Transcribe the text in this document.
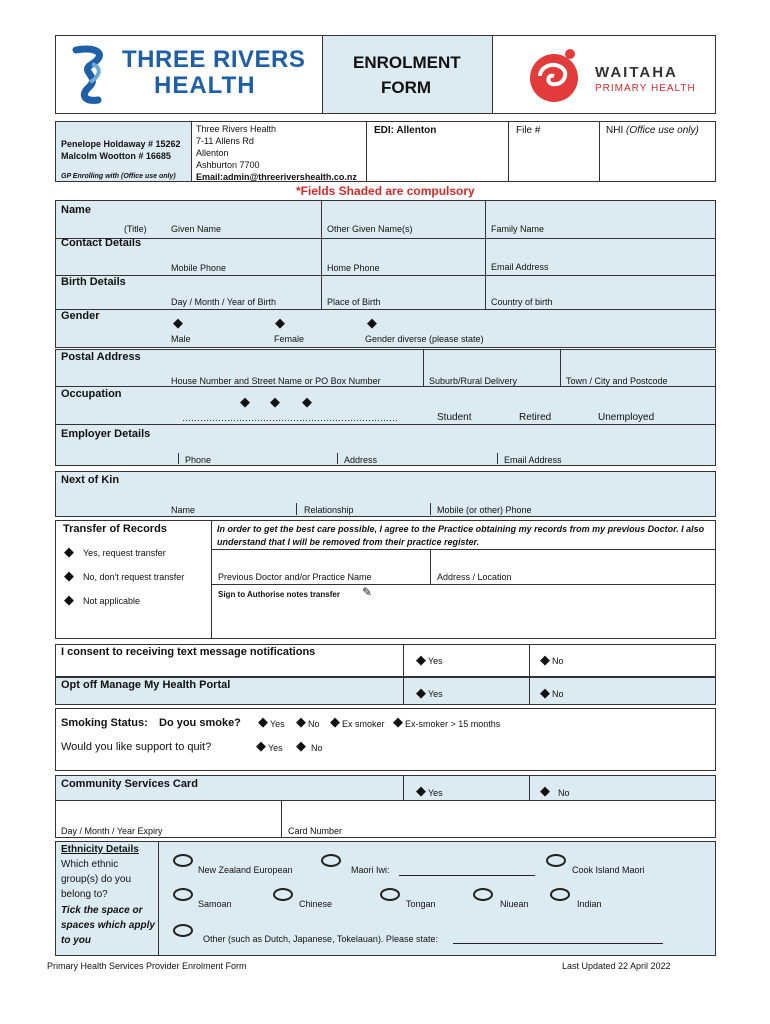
THREE RIVERS
HEALTH
ENROLMENT
FORM
WAITAHA
PRIMARY HEALTH
Penelope Holdaway # 15262
Malcolm Wootton # 16685
GP Enrolling with (Office use only)
Three Rivers Health
7-11 Allens Rd
Allenton
Ashburton 7700
Email:admin@threerivershealth.co.nz
EDI: Allenton	File #	NHI (Office use only)
*Fields Shaded are compulsory
Name
(Title)	Given Name	Other Given Name(s)	Family Name
Contact Details
Mobile Phone	Home Phone	Email Address
Birth Details
Day / Month / Year of Birth	Place of Birth	Country of birth
Gender	◆	◆	◆
Male	Female	Gender diverse (please state)
Postal Address
House Number and Street Name or PO Box Number	Suburb/Rural Delivery	Town / City and Postcode
Occupation	◆ ◆ ◆
………………………………………………………………	Student	Retired	Unemployed
Employer Details
Phone	Address	Email Address
Next of Kin
Name	Relationship	Mobile (or other) Phone
Transfer of Records
◆ Yes, request transfer
◆ No, don't request transfer
◆ Not applicable
In order to get the best care possible, I agree to the Practice obtaining my records from my previous Doctor. I also understand that I will be removed from their practice register.
Previous Doctor and/or Practice Name	Address / Location
Sign to Authorise notes transfer ✎
I consent to receiving text message notifications	◆ Yes	◆ No
Opt off Manage My Health Portal	◆ Yes	◆ No
Smoking Status: Do you smoke? ◆ Yes ◆ No ◆ Ex smoker ◆ Ex-smoker > 15 months
Would you like support to quit?	◆ Yes ◆ No
Community Services Card	◆ Yes	◆ No
Day / Month / Year Expiry	Card Number
Ethnicity Details
Which ethnic
group(s) do you
belong to?
Tick the space or
spaces which apply
to you
New Zealand European	Maori Iwi:	Cook Island Maori
Samoan	Chinese	Tongan	Niuean	Indian
Other (such as Dutch, Japanese, Tokelauan). Please state:
Primary Health Services Provider Enrolment Form	Last Updated 22 April 2022
